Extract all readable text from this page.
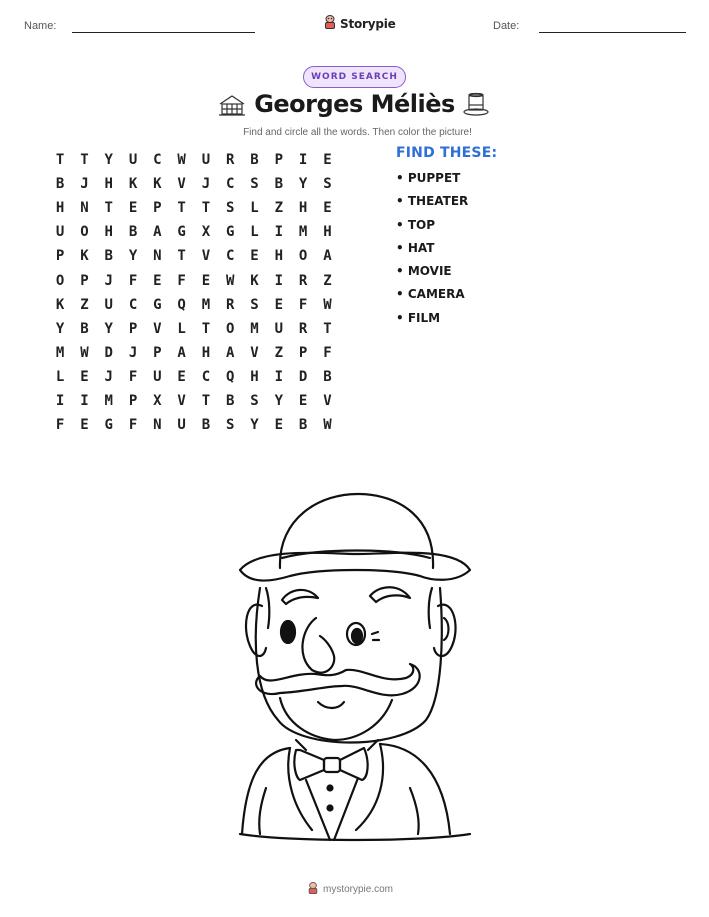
Name:	Storypie	Date:
WORD SEARCH
Georges Méliès
Find and circle all the words. Then color the picture!
T	T	Y	U	C	W	U	R	B	P	I	E
B	J	H	K	K	V	J	C	S	B	Y	S
H	N	T	E	P	T	T	S	L	Z	H	E
U	O	H	B	A	G	X	G	L	I	M	H
P	K	B	Y	N	T	V	C	E	H	O	A
O	P	J	F	E	F	E	W	K	I	R	Z
K	Z	U	C	G	Q	M	R	S	E	F	W
Y	B	Y	P	V	L	T	O	M	U	R	T
M	W	D	J	P	A	H	A	V	Z	P	F
L	E	J	F	U	E	C	Q	H	I	D	B
I	I	M	P	X	V	T	B	S	Y	E	V
F	E	G	F	N	U	B	S	Y	E	B	W
FIND THESE:
• PUPPET
• THEATER
• TOP
• HAT
• MOVIE
• CAMERA
• FILM
mystorypie.com
